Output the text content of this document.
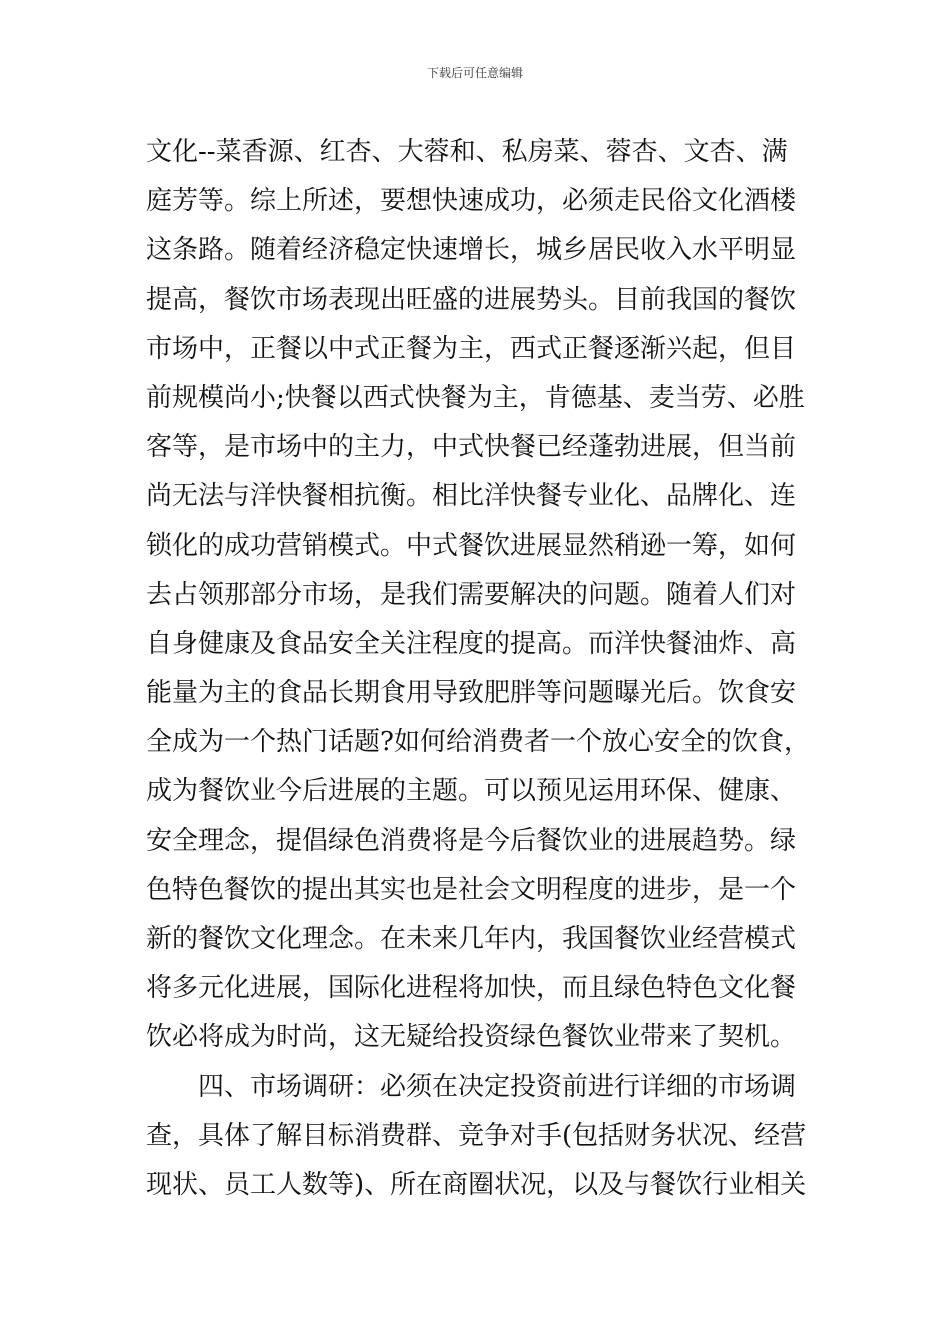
下载后可任意编辑
文化--菜香源、红杏、大蓉和、私房菜、蓉杏、文杏、满
庭芳等。综上所述，要想快速成功，必须走民俗文化酒楼
这条路。随着经济稳定快速增长，城乡居民收入水平明显
提高，餐饮市场表现出旺盛的进展势头。目前我国的餐饮
市场中，正餐以中式正餐为主，西式正餐逐渐兴起，但目
前规模尚小;快餐以西式快餐为主，肯德基、麦当劳、必胜
客等，是市场中的主力，中式快餐已经蓬勃进展，但当前
尚无法与洋快餐相抗衡。相比洋快餐专业化、品牌化、连
锁化的成功营销模式。中式餐饮进展显然稍逊一筹，如何
去占领那部分市场，是我们需要解决的问题。随着人们对
自身健康及食品安全关注程度的提高。而洋快餐油炸、高
能量为主的食品长期食用导致肥胖等问题曝光后。饮食安
全成为一个热门话题?如何给消费者一个放心安全的饮食，
成为餐饮业今后进展的主题。可以预见运用环保、健康、
安全理念，提倡绿色消费将是今后餐饮业的进展趋势。绿
色特色餐饮的提出其实也是社会文明程度的进步，是一个
新的餐饮文化理念。在未来几年内，我国餐饮业经营模式
将多元化进展，国际化进程将加快，而且绿色特色文化餐
饮必将成为时尚，这无疑给投资绿色餐饮业带来了契机。
四、市场调研：必须在决定投资前进行详细的市场调
查，具体了解目标消费群、竞争对手(包括财务状况、经营
现状、员工人数等)、所在商圈状况，以及与餐饮行业相关
